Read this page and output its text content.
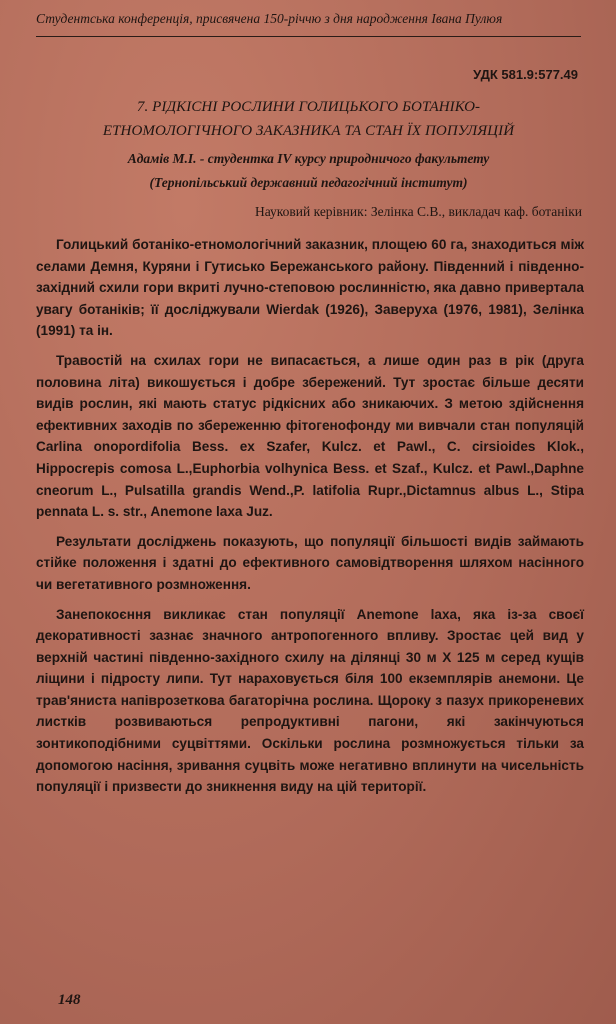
Студентська конференція, присвячена 150-річчю з дня народження Івана Пулюя
УДК 581.9:577.49
7. РІДКІСНІ РОСЛИНИ ГОЛИЦЬКОГО БОТАНІКО-
ЕТНОМОЛОГІЧНОГО ЗАКАЗНИКА ТА СТАН ЇХ ПОПУЛЯЦІЙ
Адамів М.І. - студентка IV курсу природничого факультету
(Тернопільський державний педагогічний інститут)
Науковий керівник: Зелінка С.В., викладач каф. ботаніки

Голицький ботаніко-етномологічний заказник, площею 60 га, знаходиться між селами Демня, Куряни і Гутисько Бережанського району. Південний і південно-західний схили гори вкриті лучно-степовою рослинністю, яка давно привертала увагу ботаніків; її досліджували Wierdak (1926), Заверуха (1976, 1981), Зелінка (1991) та ін.

Травостій на схилах гори не випасається, а лише один раз в рік (друга половина літа) викошується і добре збережений. Тут зростає більше десяти видів рослин, які мають статус рідкісних або зникаючих. З метою здійснення ефективних заходів по збереженню фітогенофонду ми вивчали стан популяцій Carlina onopordifolia Bess. ex Szafer, Kulcz. et Pawl., C. cirsioides Klok., Hippocrepis comosa L.,Euphorbia volhynica Bess. et Szaf., Kulcz. et Pawl.,Daphne cneorum L., Pulsatilla grandis Wend.,P. latifolia Rupr.,Dictamnus albus L., Stipa pennata L. s. str., Anemone laxa Juz.

Результати досліджень показують, що популяції більшості видів займають стійке положення і здатні до ефективного самовідтворення шляхом насінного чи вегетативного розмноження.

Занепокоєння викликає стан популяції Anemone laxa, яка із-за своєї декоративності зазнає значного антропогенного впливу. Зростає цей вид у верхній частині південно-західного схилу на ділянці 30 м Х 125 м серед кущів ліщини і підросту липи. Тут нараховується біля 100 екземплярів анемони. Це трав'яниста напіврозеткова багаторічна рослина. Щороку з пазух прикореневих листків розвиваються репродуктивні пагони, які закінчуються зонтикоподібними суцвіттями. Оскільки рослина розмножується тільки за допомогою насіння, зривання суцвіть може негативно вплинути на чисельність популяції і призвести до зникнення виду на цій території.

148
